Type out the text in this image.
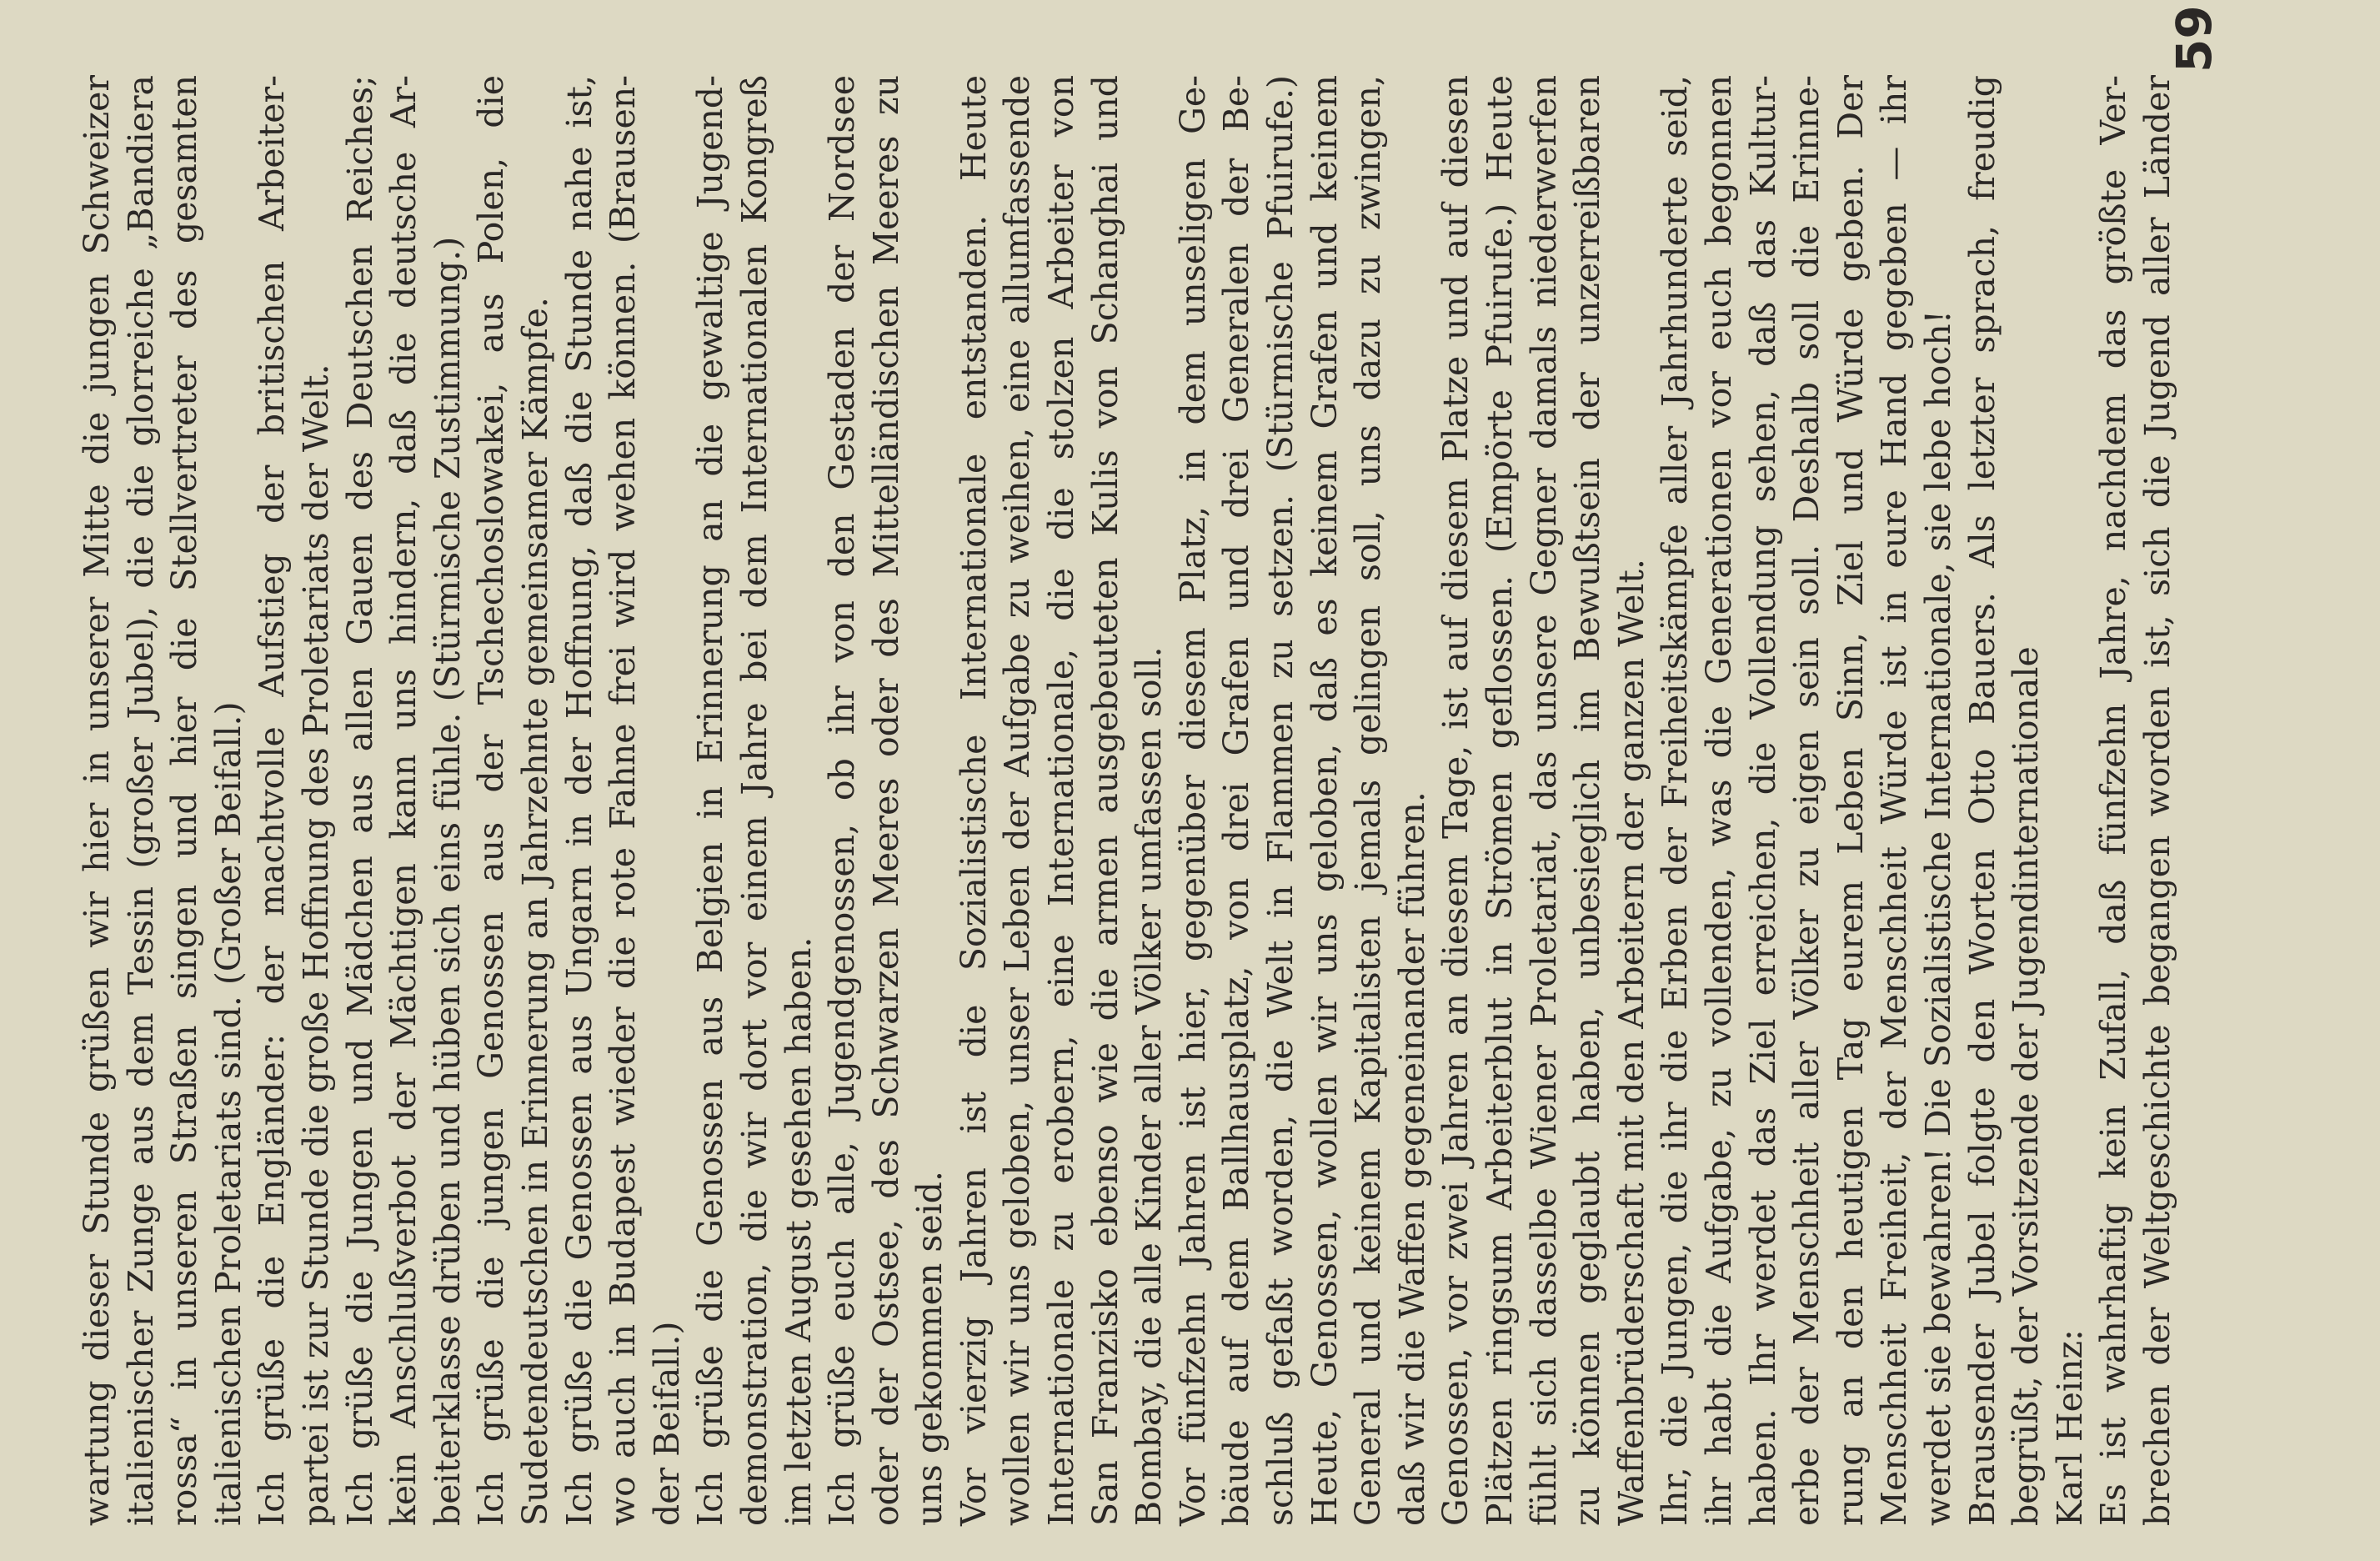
wartung dieser Stunde grüßen wir hier in unserer Mitte die jungen Schweizer italienischer Zunge aus dem Tessin (großer Jubel), die die glorreiche „Bandiera rossa“ in unseren Straßen singen und hier die Stellvertreter des gesamten italienischen Proletariats sind. (Großer Beifall.) Ich grüße die Engländer: der machtvolle Aufstieg der britischen Arbeiter- partei ist zur Stunde die große Hoffnung des Proletariats der Welt. Ich grüße die Jungen und Mädchen aus allen Gauen des Deutschen Reiches; kein Anschlußverbot der Mächtigen kann uns hindern, daß die deutsche Ar- beiterklasse drüben und hüben sich eins fühle. (Stürmische Zustimmung.) Ich grüße die jungen Genossen aus der Tschechoslowakei, aus Polen, die Sudetendeutschen in Erinnerung an Jahrzehnte gemeinsamer Kämpfe. Ich grüße die Genossen aus Ungarn in der Hoffnung, daß die Stunde nahe ist, wo auch in Budapest wieder die rote Fahne frei wird wehen können. (Brausen- der Beifall.) Ich grüße die Genossen aus Belgien in Erinnerung an die gewaltige Jugend- demonstration, die wir dort vor einem Jahre bei dem Internationalen Kongreß im letzten August gesehen haben. Ich grüße euch alle, Jugendgenossen, ob ihr von den Gestaden der Nordsee oder der Ostsee, des Schwarzen Meeres oder des Mittelländischen Meeres zu uns gekommen seid. Vor vierzig Jahren ist die Sozialistische Internationale entstanden. Heute wollen wir uns geloben, unser Leben der Aufgabe zu weihen, eine allumfassende Internationale zu erobern, eine Internationale, die die stolzen Arbeiter von San Franzisko ebenso wie die armen ausgebeuteten Kulis von Schanghai und Bombay, die alle Kinder aller Völker umfassen soll. Vor fünfzehn Jahren ist hier, gegenüber diesem Platz, in dem unseligen Ge- bäude auf dem Ballhausplatz, von drei Grafen und drei Generalen der Be- schluß gefaßt worden, die Welt in Flammen zu setzen. (Stürmische Pfuirufe.) Heute, Genossen, wollen wir uns geloben, daß es keinem Grafen und keinem General und keinem Kapitalisten jemals gelingen soll, uns dazu zu zwingen, daß wir die Waffen gegeneinander führen. Genossen, vor zwei Jahren an diesem Tage, ist auf diesem Platze und auf diesen Plätzen ringsum Arbeiterblut in Strömen geflossen. (Empörte Pfuirufe.) Heute fühlt sich dasselbe Wiener Proletariat, das unsere Gegner damals niederwerfen zu können geglaubt haben, unbesieglich im Bewußtsein der unzerreißbaren Waffenbrüderschaft mit den Arbeitern der ganzen Welt. Ihr, die Jungen, die ihr die Erben der Freiheitskämpfe aller Jahrhunderte seid, ihr habt die Aufgabe, zu vollenden, was die Generationen vor euch begonnen haben. Ihr werdet das Ziel erreichen, die Vollendung sehen, daß das Kultur- erbe der Menschheit aller Völker zu eigen sein soll. Deshalb soll die Erinne- rung an den heutigen Tag eurem Leben Sinn, Ziel und Würde geben. Der Menschheit Freiheit, der Menschheit Würde ist in eure Hand gegeben — ihr werdet sie bewahren! Die Sozialistische Internationale, sie lebe hoch! Brausender Jubel folgte den Worten Otto Bauers. Als letzter sprach, freudig begrüßt, der Vorsitzende der Jugendinternationale Karl Heinz: Es ist wahrhaftig kein Zufall, daß fünfzehn Jahre, nachdem das größte Ver- brechen der Weltgeschichte begangen worden ist, sich die Jugend aller Länder
59
